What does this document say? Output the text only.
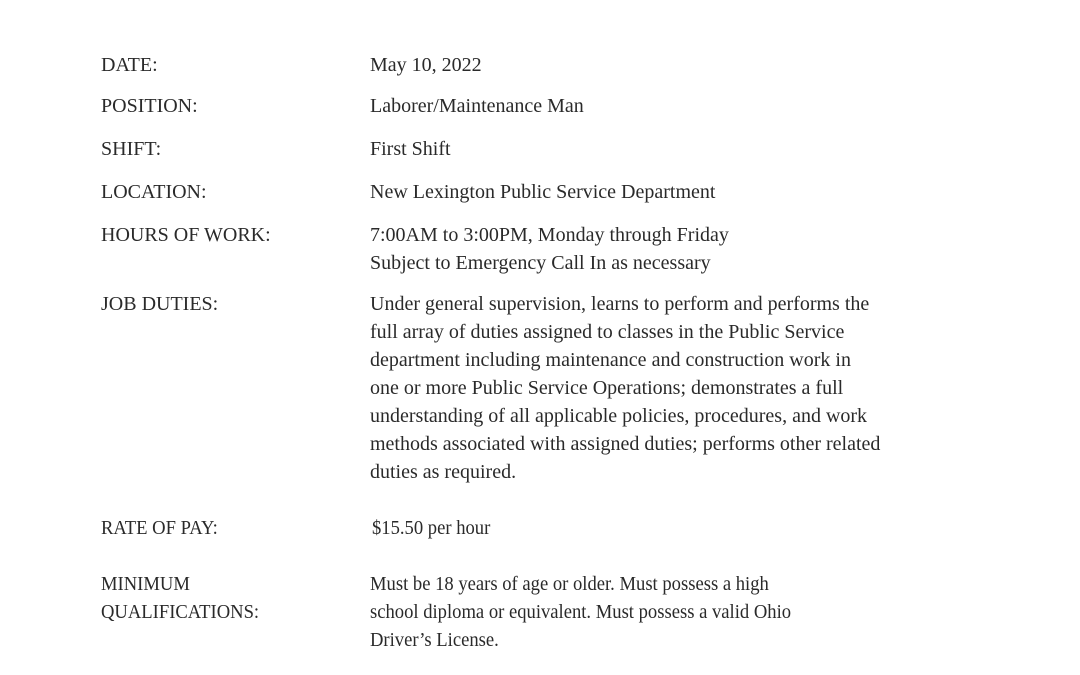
DATE:	May 10, 2022
POSITION:	Laborer/Maintenance Man
SHIFT:	First Shift
LOCATION:	New Lexington Public Service Department
HOURS OF WORK:	7:00AM to 3:00PM, Monday through Friday
Subject to Emergency Call In as necessary
JOB DUTIES:	Under general supervision, learns to perform and performs the
full array of duties assigned to classes in the Public Service
department including maintenance and construction work in
one or more Public Service Operations; demonstrates a full
understanding of all applicable policies, procedures, and work
methods associated with assigned duties; performs other related
duties as required.
RATE OF PAY:	$15.50 per hour
MINIMUM
QUALIFICATIONS:
Must be 18 years of age or older. Must possess a high
school diploma or equivalent. Must possess a valid Ohio
Driver’s License.
